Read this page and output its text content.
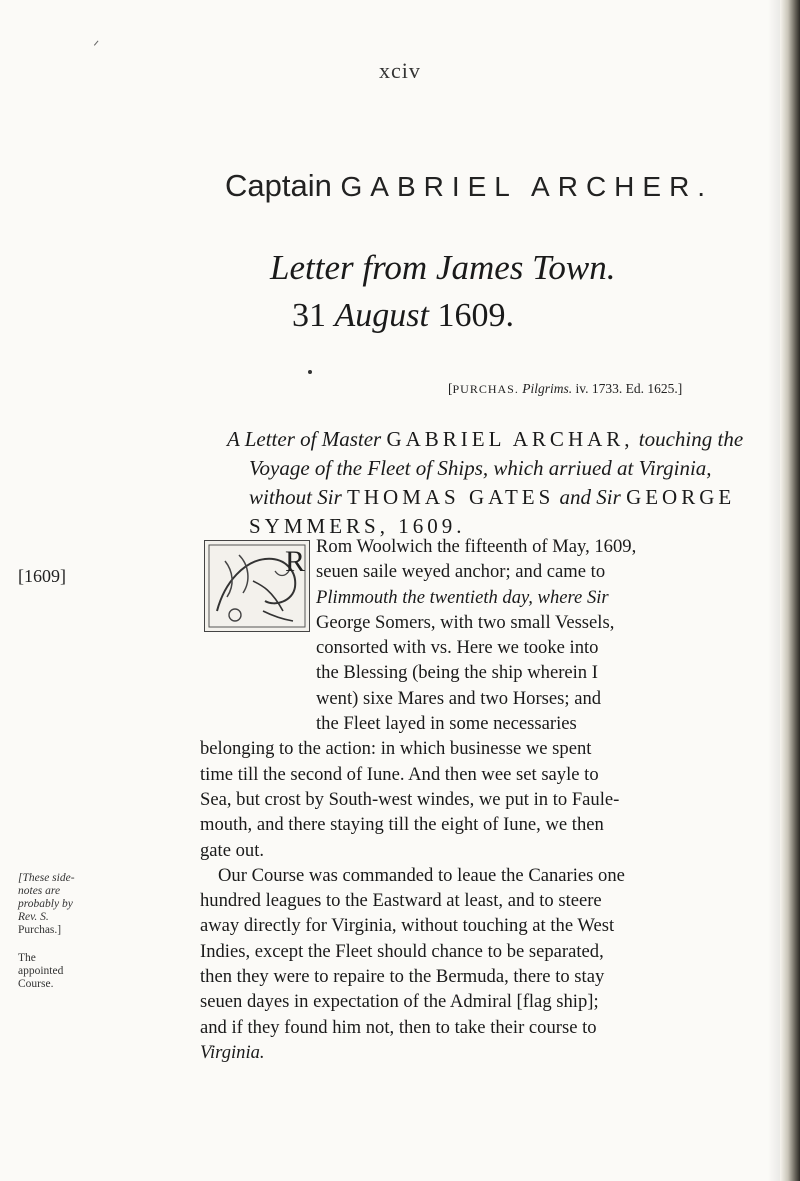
xciv
Captain GABRIEL ARCHER.
Letter from James Town.
31 August 1609.
[PURCHAS. Pilgrims. iv. 1733. Ed. 1625.]

A Letter of Master GABRIEL ARCHAR, touching the

Voyage of the Fleet of Ships, which arriued at Virginia,

without Sir THOMAS GATES and Sir GEORGE

SYMMERS, 1609.

[1609]
[These side-
notes are
probably by
Rev. S.
Purchas.]
The
appointed
Course.
R Rom Woolwich the fifteenth of May, 1609,
seuen saile weyed anchor; and came to
Plimmouth the twentieth day, where Sir
George Somers, with two small Vessels,
consorted with vs. Here we tooke into
the Blessing (being the ship wherein I
went) sixe Mares and two Horses; and
the Fleet layed in some necessaries
belonging to the action: in which businesse we spent
time till the second of Iune. And then wee set sayle to
Sea, but crost by South-west windes, we put in to Faule-
mouth, and there staying till the eight of Iune, we then
gate out.
Our Course was commanded to leaue the Canaries one
hundred leagues to the Eastward at least, and to steere
away directly for Virginia, without touching at the West
Indies, except the Fleet should chance to be separated,
then they were to repaire to the Bermuda, there to stay
seuen dayes in expectation of the Admiral [flag ship];
and if they found him not, then to take their course to
Virginia.
